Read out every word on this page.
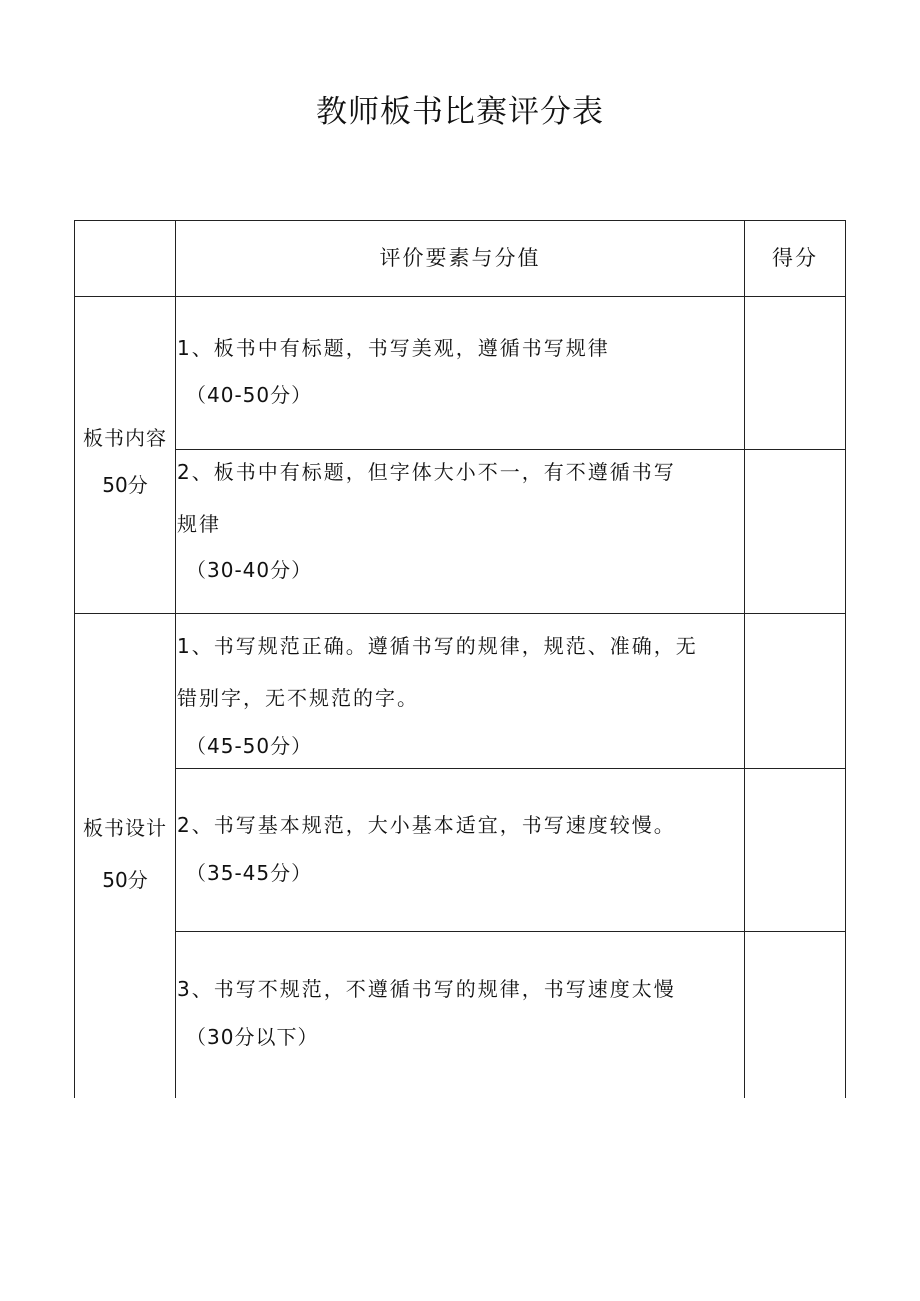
教师板书比赛评分表
评价要素与分值	得分
板书内容
50分
1、板书中有标题，书写美观，遵循书写规律
（40-50分）
2、板书中有标题，但字体大小不一，有不遵循书写
规律
（30-40分）
板书设计
50分
1、书写规范正确。遵循书写的规律，规范、准确，无
错别字，无不规范的字。
（45-50分）
2、书写基本规范，大小基本适宜，书写速度较慢。
（35-45分）
3、书写不规范，不遵循书写的规律，书写速度太慢
（30分以下）
